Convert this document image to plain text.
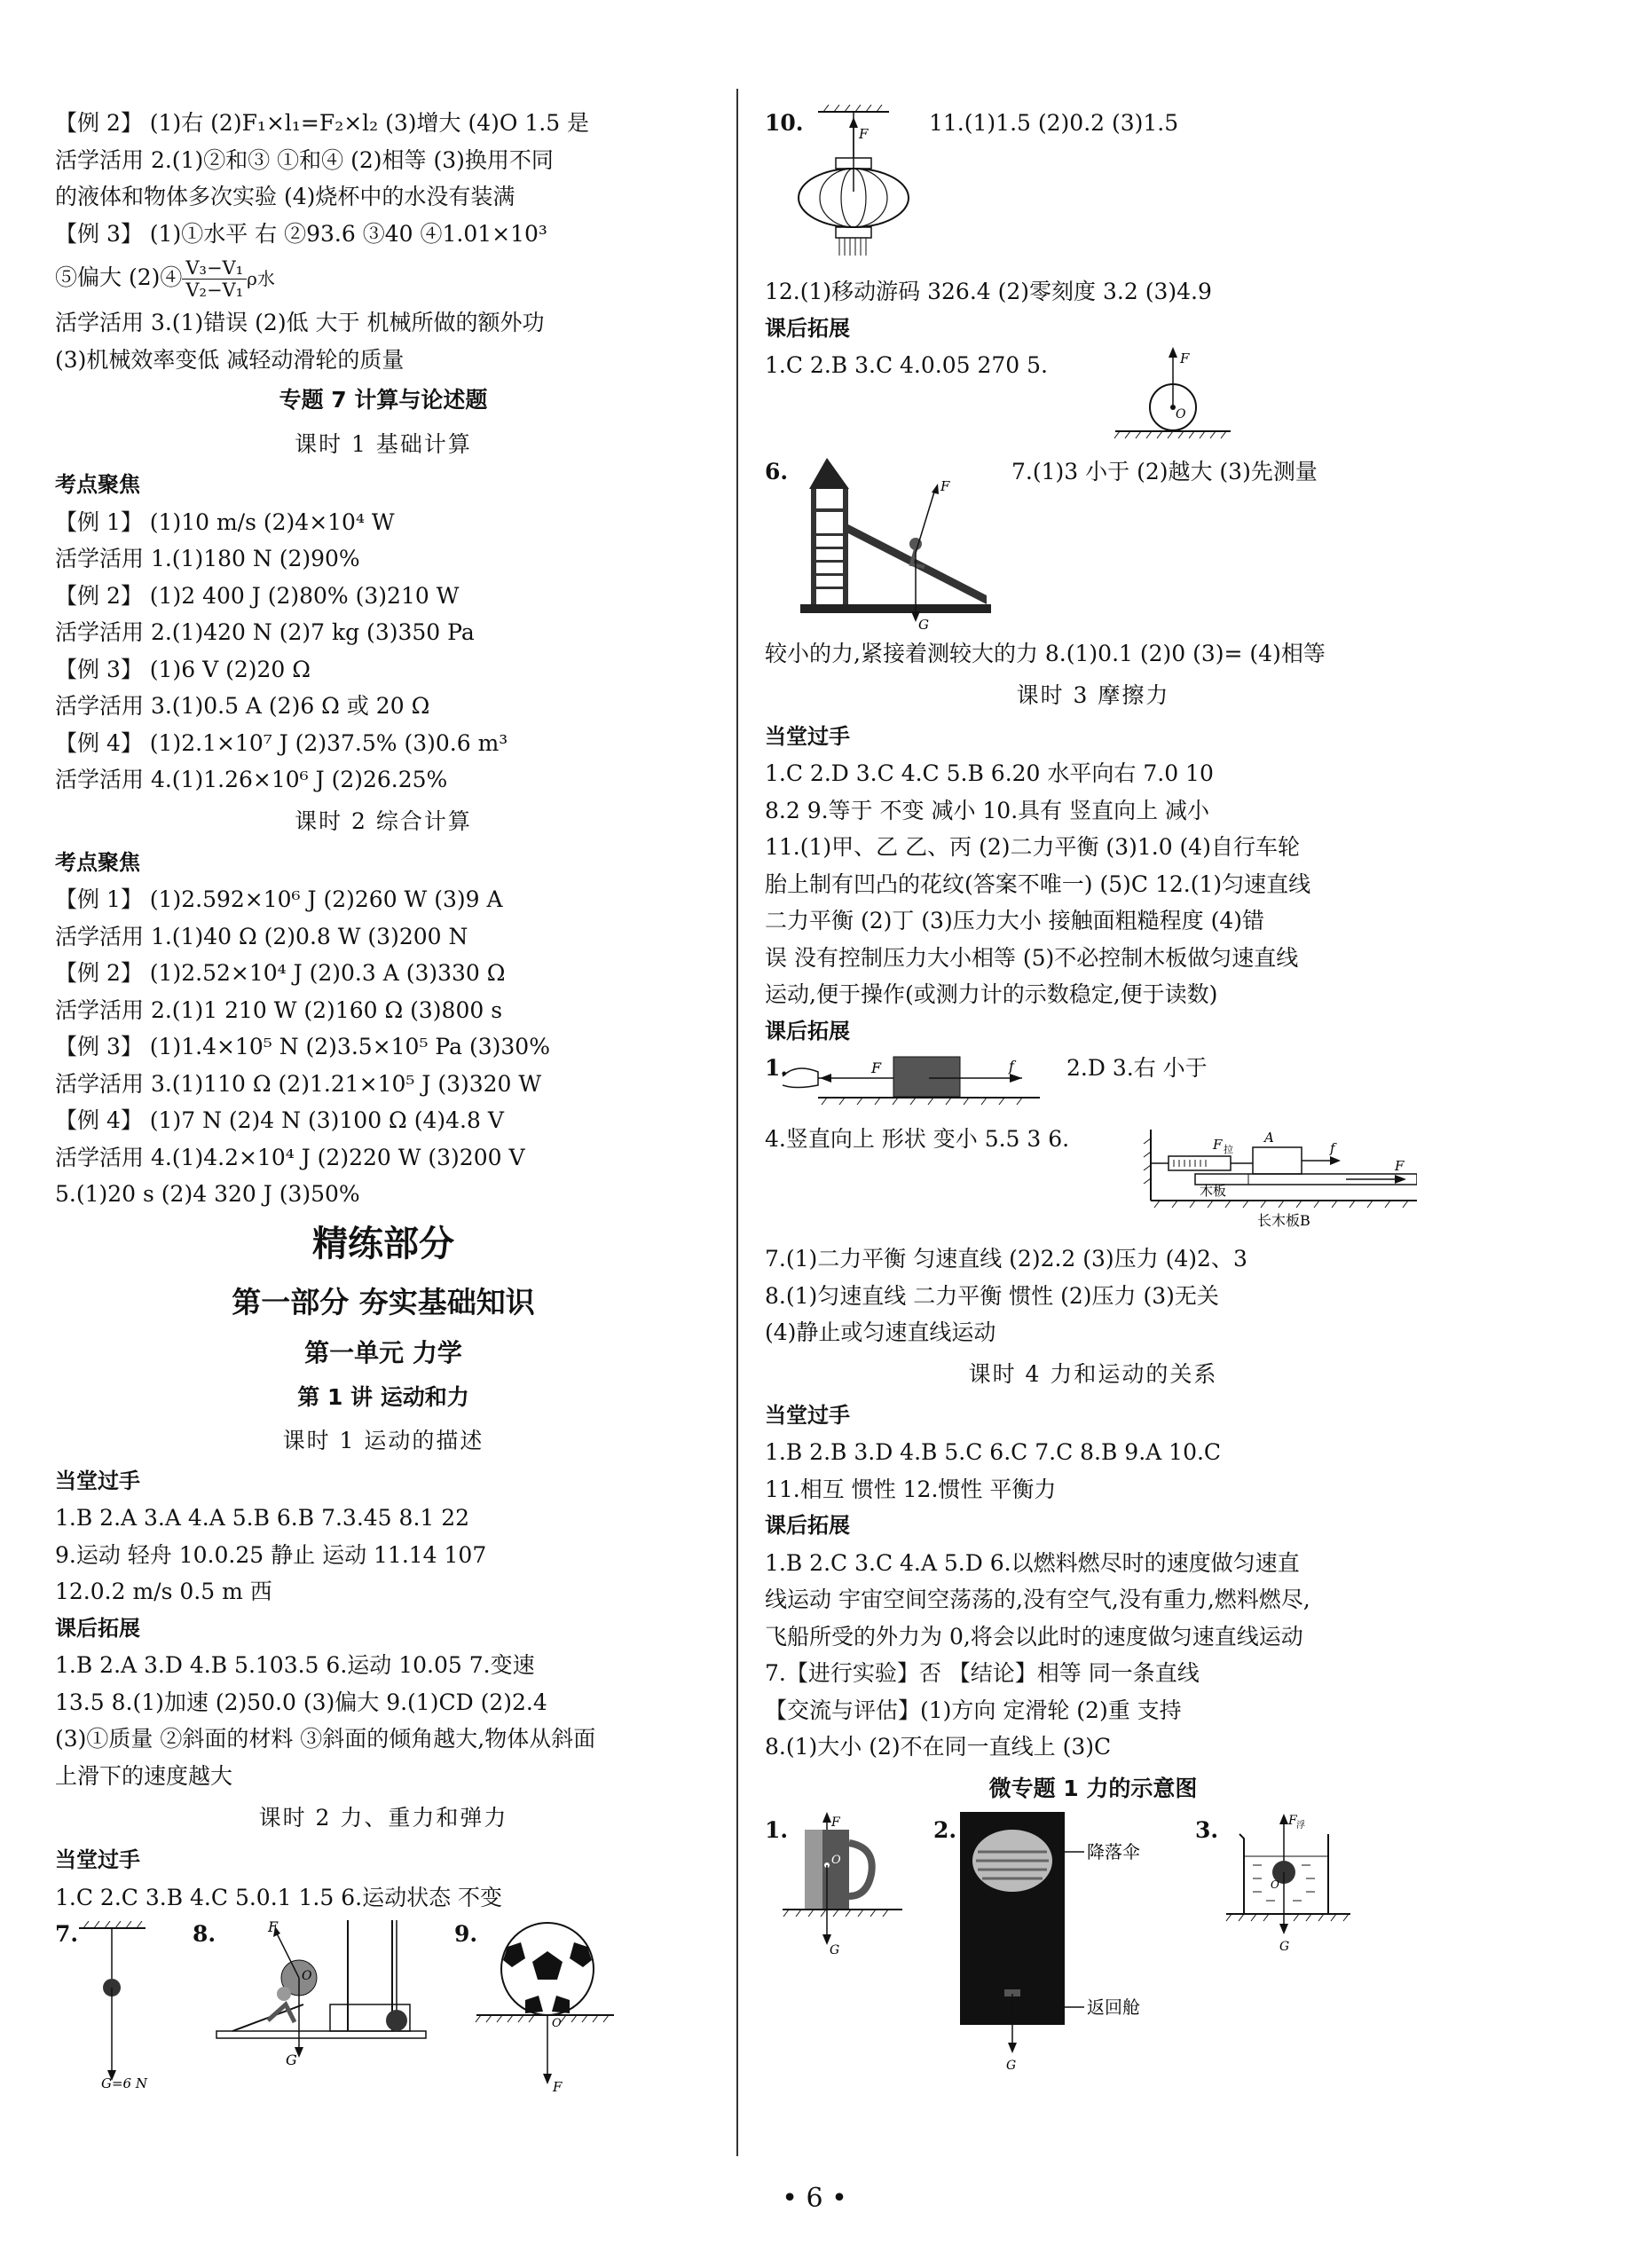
【例 2】 (1)右 (2)F₁×l₁=F₂×l₂ (3)增大 (4)O 1.5 是
活学活用 2.(1)②和③ ①和④ (2)相等 (3)换用不同
的液体和物体多次实验 (4)烧杯中的水没有装满
【例 3】 (1)①水平 右 ②93.6 ③40 ④1.01×10³
⑤偏大 (2)④ $\frac{\text{V₃−V₁}}{\text{V₂−V₁}}$ ρ水
活学活用 3.(1)错误 (2)低 大于 机械所做的额外功
(3)机械效率变低 减轻动滑轮的质量
专题 7 计算与论述题
课时 1 基础计算
考点聚焦
【例 1】 (1)10 m/s (2)4×10⁴ W
活学活用 1.(1)180 N (2)90%
【例 2】 (1)2 400 J (2)80% (3)210 W
活学活用 2.(1)420 N (2)7 kg (3)350 Pa
【例 3】 (1)6 V (2)20 Ω
活学活用 3.(1)0.5 A (2)6 Ω 或 20 Ω
【例 4】 (1)2.1×10⁷ J (2)37.5% (3)0.6 m³
活学活用 4.(1)1.26×10⁶ J (2)26.25%
课时 2 综合计算
考点聚焦
【例 1】 (1)2.592×10⁶ J (2)260 W (3)9 A
活学活用 1.(1)40 Ω (2)0.8 W (3)200 N
【例 2】 (1)2.52×10⁴ J (2)0.3 A (3)330 Ω
活学活用 2.(1)1 210 W (2)160 Ω (3)800 s
【例 3】 (1)1.4×10⁵ N (2)3.5×10⁵ Pa (3)30%
活学活用 3.(1)110 Ω (2)1.21×10⁵ J (3)320 W
【例 4】 (1)7 N (2)4 N (3)100 Ω (4)4.8 V
活学活用 4.(1)4.2×10⁴ J (2)220 W (3)200 V
5.(1)20 s (2)4 320 J (3)50%
精练部分
第一部分 夯实基础知识
第一单元 力学
第 1 讲 运动和力
课时 1 运动的描述
当堂过手
1.B 2.A 3.A 4.A 5.B 6.B 7.3.45 8.1 22
9.运动 轻舟 10.0.25 静止 运动 11.14 107
12.0.2 m/s 0.5 m 西
课后拓展
1.B 2.A 3.D 4.B 5.103.5 6.运动 10.05 7.变速
13.5 8.(1)加速 (2)50.0 (3)偏大 9.(1)CD (2)2.4
(3)①质量 ②斜面的材料 ③斜面的倾角越大,物体从斜面
上滑下的速度越大
课时 2 力、重力和弹力
当堂过手
1.C 2.C 3.B 4.C 5.0.1 1.5 6.运动状态 不变
7.
G=6 N
8.	F
G
O
9.
F
O
10.	F	11.(1)1.5 (2)0.2 (3)1.5
12.(1)移动游码 326.4 (2)零刻度 3.2 (3)4.9
课后拓展
1.C 2.B 3.C 4.0.05 270 5.	F
O
6.
F
G
7.(1)3 小于 (2)越大 (3)先测量
较小的力,紧接着测较大的力 8.(1)0.1 (2)0 (3)= (4)相等
课时 3 摩擦力
当堂过手
1.C 2.D 3.C 4.C 5.B 6.20 水平向右 7.0 10
8.2 9.等于 不变 减小 10.具有 竖直向上 减小
11.(1)甲、乙 乙、丙 (2)二力平衡 (3)1.0 (4)自行车轮
胎上制有凹凸的花纹(答案不唯一) (5)C 12.(1)匀速直线
二力平衡 (2)丁 (3)压力大小 接触面粗糙程度 (4)错
误 没有控制压力大小相等 (5)不必控制木板做匀速直线
运动,便于操作(或测力计的示数稳定,便于读数)
课后拓展
1.	F	f 2.D 3.右 小于
4.竖直向上 形状 变小 5.5 3 6.	F 拉
A
f
木板
F
长木板B
7.(1)二力平衡 匀速直线 (2)2.2 (3)压力 (4)2、3
8.(1)匀速直线 二力平衡 惯性 (2)压力 (3)无关
(4)静止或匀速直线运动
课时 4 力和运动的关系
当堂过手
1.B 2.B 3.D 4.B 5.C 6.C 7.C 8.B 9.A 10.C
11.相互 惯性 12.惯性 平衡力
课后拓展
1.B 2.C 3.C 4.A 5.D 6.以燃料燃尽时的速度做匀速直
线运动 宇宙空间空荡荡的,没有空气,没有重力,燃料燃尽,
飞船所受的外力为 0,将会以此时的速度做匀速直线运动
7.【进行实验】否 【结论】相等 同一条直线
【交流与评估】(1)方向 定滑轮 (2)重 支持
8.(1)大小 (2)不在同一直线上 (3)C
微专题 1 力的示意图
1.	F
O
G
2.
降落伞
G
返回舱
3.	F 浮
O
G
• 6 •
